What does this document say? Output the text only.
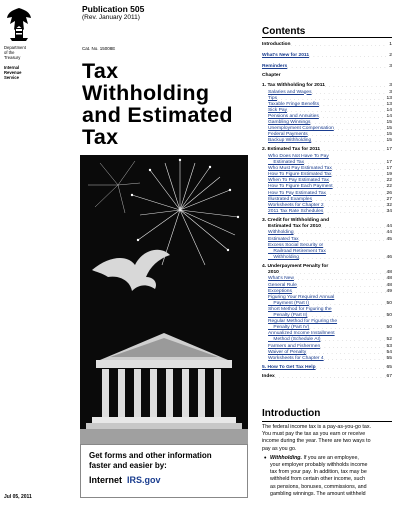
Department
of the
Treasury
Internal
Revenue
Service
Publication 505
(Rev. January 2011)
Cat. No. 15008E
Tax
Withholding
and Estimated
Tax
Get forms and other information
faster and easier by:
Internet IRS.gov
Jul 05, 2011
Contents
Introduction . . .	1
What's New for 2011 . . .	2
Reminders . . .	3
Chapter
1. Tax Withholding for 2011 . . .	3
Salaries and Wages . . .	3
Tips . . .	13
Taxable Fringe Benefits . . .	13
Sick Pay . . .	14
Pensions and Annuities . . .	14
Gambling Winnings . . .	15
Unemployment Compensation . . .	15
Federal Payments . . .	15
Backup Withholding . . .	15
2. Estimated Tax for 2011 . . .	17
Who Does Not Have To Pay
Estimated Tax . . .	17
Who Must Pay Estimated Tax . . .	17
How To Figure Estimated Tax . . .	19
When To Pay Estimated Tax . . .	22
How To Figure Each Payment . . .	22
How To Pay Estimated Tax . . .	26
Illustrated Examples . . .	27
Worksheets for Chapter 2 . . .	32
2011 Tax Rate Schedules . . .	34
3. Credit for Withholding and
Estimated Tax for 2010 . . .	44
Withholding . . .	44
Estimated Tax . . .	45
Excess Social Security or
Railroad Retirement Tax
Withholding . . .	46
4. Underpayment Penalty for
2010 . . .	48
What's New . . .	48
General Rule . . .	48
Exceptions . . .	49
Figuring Your Required Annual
Payment (Part I) . . .	50
Short Method for Figuring the
Penalty (Part II) . . .	50
Regular Method for Figuring the
Penalty (Part IV) . . .	50
Annualized Income Installment
Method (Schedule AI) . . .	52
Farmers and Fishermen . . .	53
Waiver of Penalty . . .	54
Worksheets for Chapter 4 . . .	55
5. How To Get Tax Help . . .	65
Index . . .	67
Introduction
The federal income tax is a pay-as-you-go tax.
You must pay the tax as you earn or receive
income during the year. There are two ways to
pay as you go.
• Withholding. If you are an employee,
your employer probably withholds income
tax from your pay. In addition, tax may be
withheld from certain other income, such
as pensions, bonuses, commissions, and
gambling winnings. The amount withheld
